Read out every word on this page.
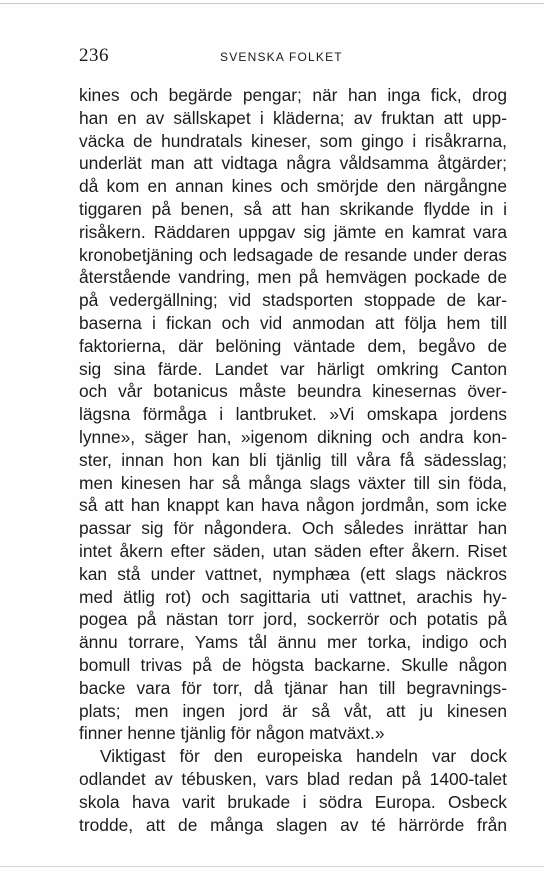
236	SVENSKA FOLKET
kines och begärde pengar; när han inga fick, drog
han en av sällskapet i kläderna; av fruktan att upp-
väcka de hundratals kineser, som gingo i risåkrarna,
underlät man att vidtaga några våldsamma åtgärder;
då kom en annan kines och smörjde den närgångne
tiggaren på benen, så att han skrikande flydde in i
risåkern. Räddaren uppgav sig jämte en kamrat vara
kronobetjäning och ledsagade de resande under deras
återstående vandring, men på hemvägen pockade de
på vedergällning; vid stadsporten stoppade de kar-
baserna i fickan och vid anmodan att följa hem till
faktorierna, där belöning väntade dem, begåvo de
sig sina färde. Landet var härligt omkring Canton
och vår botanicus måste beundra kinesernas över-
lägsna förmåga i lantbruket. »Vi omskapa jordens
lynne», säger han, »igenom dikning och andra kon-
ster, innan hon kan bli tjänlig till våra få sädesslag;
men kinesen har så många slags växter till sin föda,
så att han knappt kan hava någon jordmån, som icke
passar sig för någondera. Och således inrättar han
intet åkern efter säden, utan säden efter åkern. Riset
kan stå under vattnet, nymphæa (ett slags näckros
med ätlig rot) och sagittaria uti vattnet, arachis hy-
pogea på nästan torr jord, sockerrör och potatis på
ännu torrare, Yams tål ännu mer torka, indigo och
bomull trivas på de högsta backarne. Skulle någon
backe vara för torr, då tjänar han till begravnings-
plats; men ingen jord är så våt, att ju kinesen
finner henne tjänlig för någon matväxt.»
Viktigast för den europeiska handeln var dock
odlandet av tébusken, vars blad redan på 1400-talet
skola hava varit brukade i södra Europa. Osbeck
trodde, att de många slagen av té härrörde från
